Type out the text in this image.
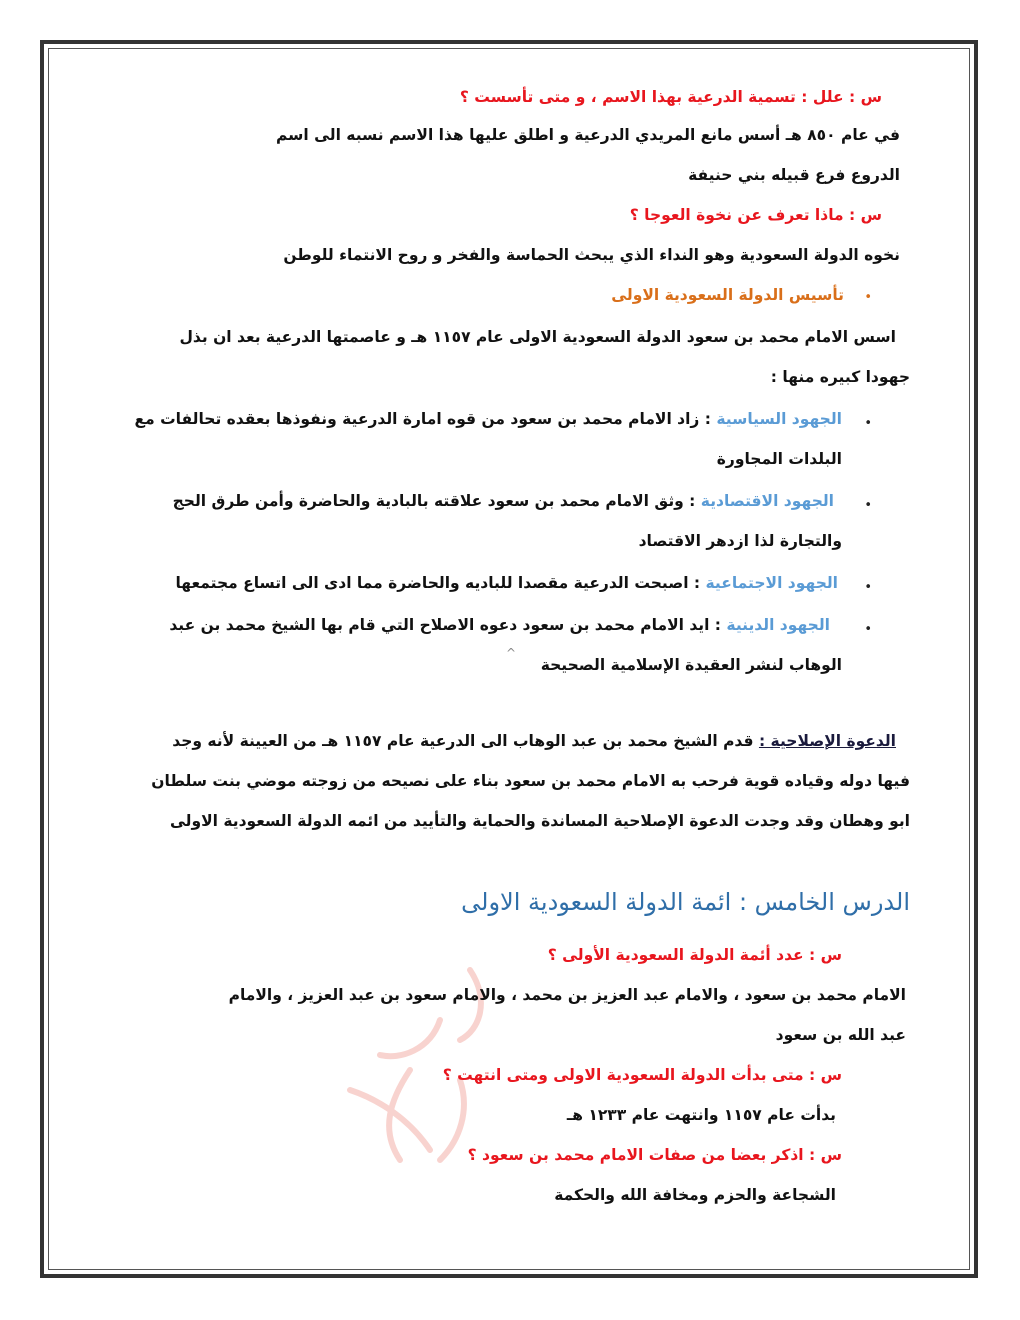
س : علل : تسمية الدرعية بهذا الاسم ، و متى تأسست ؟
في عام ٨٥٠ هـ أسس مانع المريدي الدرعية و اطلق عليها هذا الاسم نسبه الى اسم
الدروع فرع قبيله بني حنيفة
س : ماذا تعرف عن نخوة العوجا ؟
نخوه الدولة السعودية وهو النداء الذي يبحث الحماسة والفخر و روح الانتماء للوطن
•
تأسيس الدولة السعودية الاولى
اسس الامام محمد بن سعود الدولة السعودية الاولى عام ١١٥٧ هـ و عاصمتها الدرعية بعد ان بذل
جهودا كبيره منها :
•
الجهود السياسية : زاد الامام محمد بن سعود من قوه امارة الدرعية ونفوذها بعقده تحالفات مع
البلدات المجاورة
•
الجهود الاقتصادية : وثق الامام محمد بن سعود علاقته بالبادية والحاضرة وأمن طرق الحج
والتجارة لذا ازدهر الاقتصاد
•
الجهود الاجتماعية : اصبحت الدرعية مقصدا للباديه والحاضرة مما ادى الى اتساع مجتمعها
•
الجهود الدينية : ايد الامام محمد بن سعود دعوه الاصلاح التي قام بها الشيخ محمد بن عبد
الوهاب لنشر العقيدة الإسلامية الصحيحة
^
الدعوة الإصلاحية : قدم الشيخ محمد بن عبد الوهاب الى الدرعية عام ١١٥٧ هـ من العيينة لأنه وجد
فيها دوله وقياده قوية فرحب به الامام محمد بن سعود بناء على نصيحه من زوجته موضي بنت سلطان
ابو وهطان وقد وجدت الدعوة الإصلاحية المساندة والحماية والتأييد من ائمه الدولة السعودية الاولى
الدرس الخامس : ائمة الدولة السعودية الاولى
س : عدد أئمة الدولة السعودية الأولى ؟
الامام محمد بن سعود ، والامام عبد العزيز بن محمد ، والامام سعود بن عبد العزيز ، والامام
عبد الله بن سعود
س : متى بدأت الدولة السعودية الاولى ومتى انتهت ؟
بدأت عام ١١٥٧ وانتهت عام ١٢٣٣ هـ
س : اذكر بعضا من صفات الامام محمد بن سعود ؟
الشجاعة والحزم ومخافة الله والحكمة
